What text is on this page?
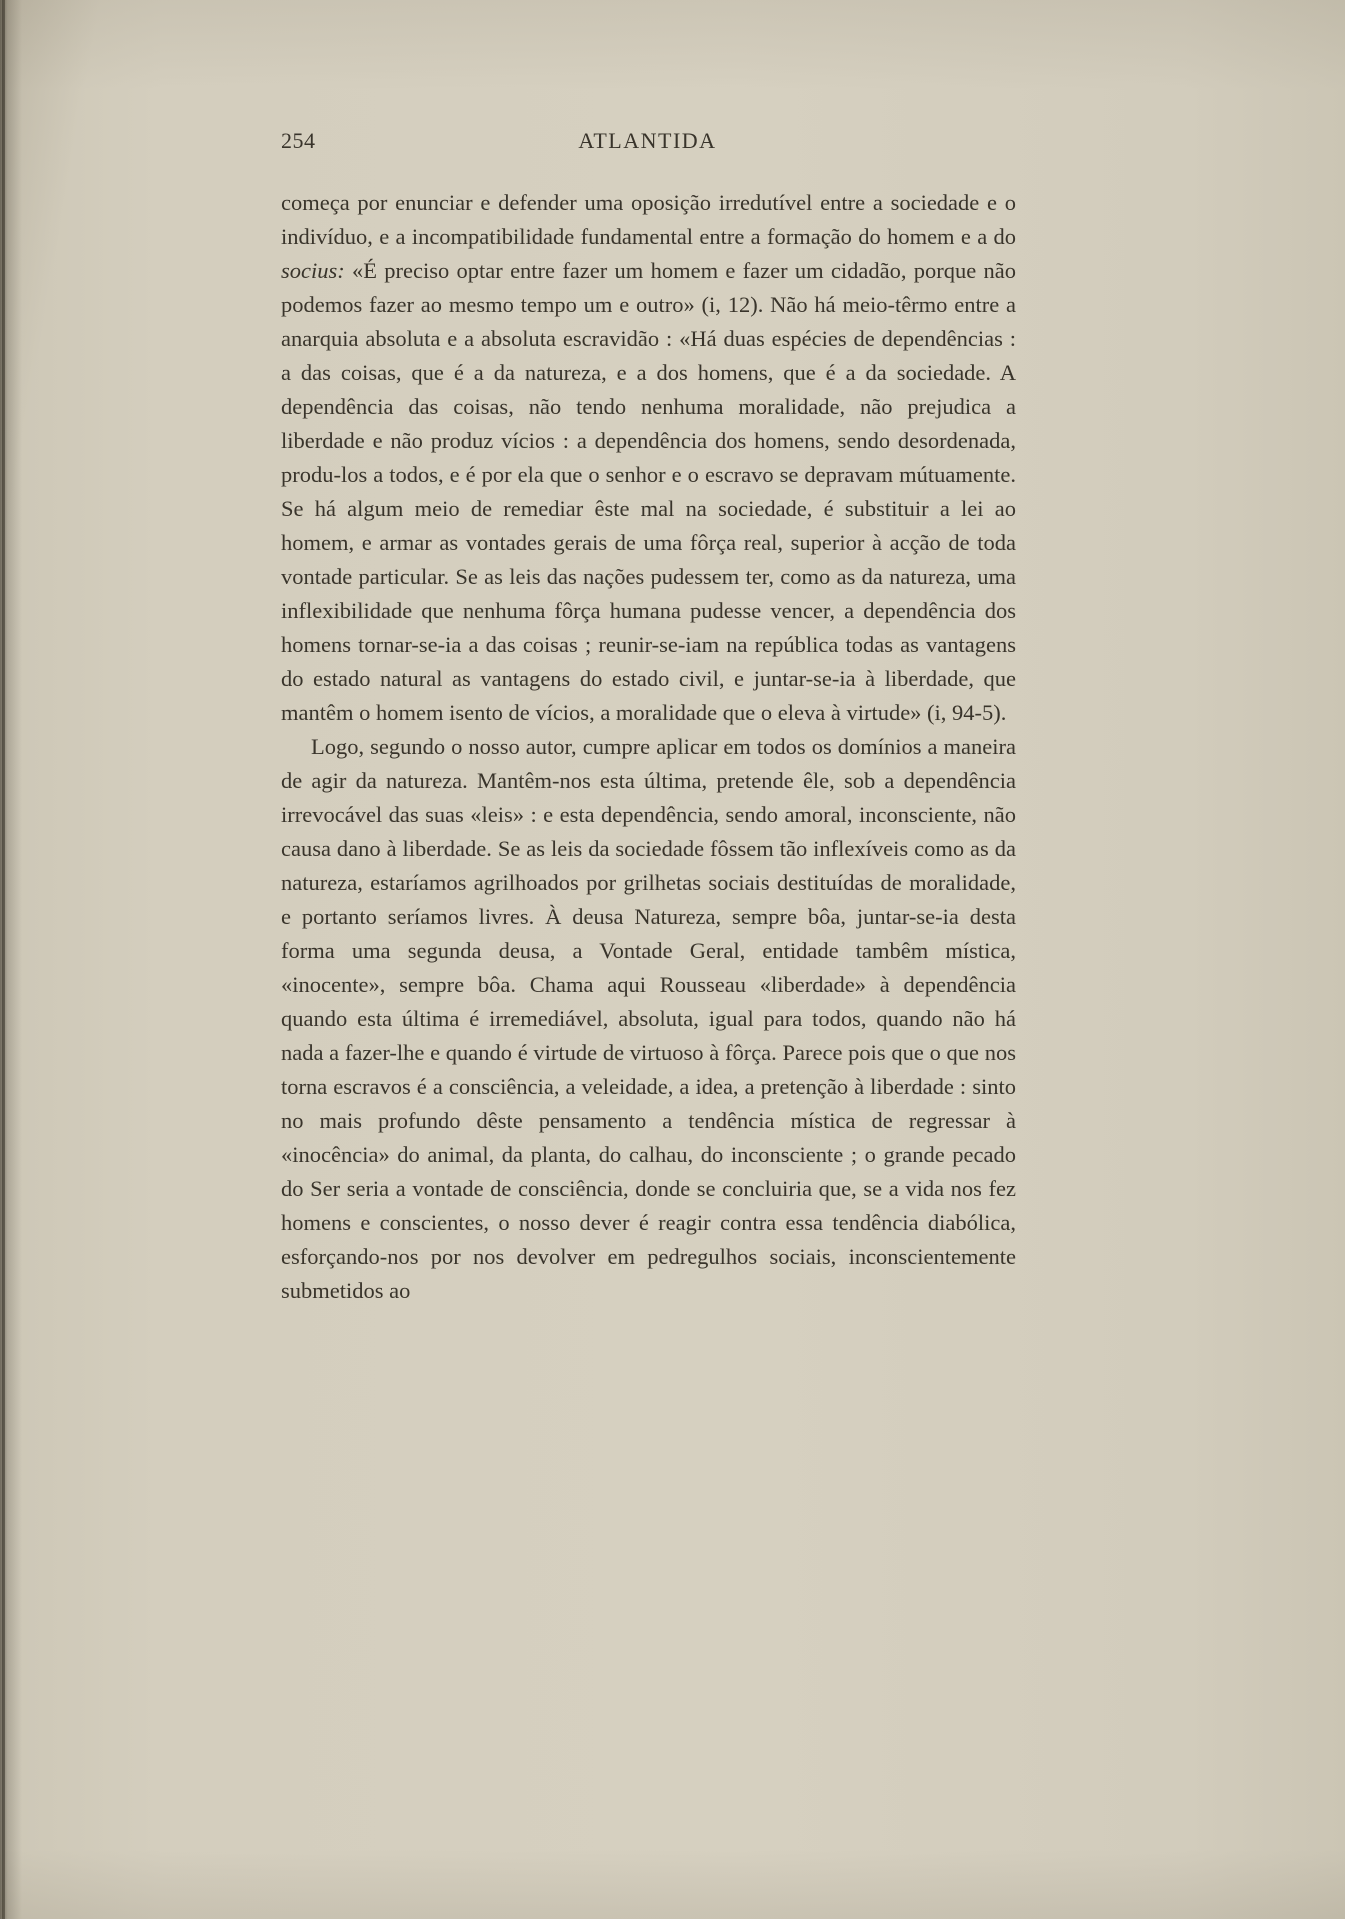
254	ATLANTIDA

começa por enunciar e defender uma oposição irredutível entre a sociedade e o indivíduo, e a incompatibilidade fundamental entre a formação do homem e a do socius: «É preciso optar entre fazer um homem e fazer um cidadão, porque não podemos fazer ao mesmo tempo um e outro» (i, 12). Não há meio-têrmo entre a anarquia absoluta e a absoluta escravidão : «Há duas espécies de dependências : a das coisas, que é a da natureza, e a dos homens, que é a da sociedade. A dependência das coisas, não tendo nenhuma moralidade, não prejudica a liberdade e não produz vícios : a dependência dos homens, sendo desordenada, produ-los a todos, e é por ela que o senhor e o escravo se depravam mútuamente. Se há algum meio de remediar êste mal na sociedade, é substituir a lei ao homem, e armar as vontades gerais de uma fôrça real, superior à acção de toda vontade particular. Se as leis das nações pudessem ter, como as da natureza, uma inflexibilidade que nenhuma fôrça humana pudesse vencer, a dependência dos homens tornar-se-ia a das coisas ; reunir-se-iam na república todas as vantagens do estado natural as vantagens do estado civil, e juntar-se-ia à liberdade, que mantêm o homem isento de vícios, a moralidade que o eleva à virtude» (i, 94-5).

Logo, segundo o nosso autor, cumpre aplicar em todos os domínios a maneira de agir da natureza. Mantêm-nos esta última, pretende êle, sob a dependência irrevocável das suas «leis» : e esta dependência, sendo amoral, inconsciente, não causa dano à liberdade. Se as leis da sociedade fôssem tão inflexíveis como as da natureza, estaríamos agrilhoados por grilhetas sociais destituídas de moralidade, e portanto seríamos livres. À deusa Natureza, sempre bôa, juntar-se-ia desta forma uma segunda deusa, a Vontade Geral, entidade tambêm mística, «inocente», sempre bôa. Chama aqui Rousseau «liberdade» à dependência quando esta última é irremediável, absoluta, igual para todos, quando não há nada a fazer-lhe e quando é virtude de virtuoso à fôrça. Parece pois que o que nos torna escravos é a consciência, a veleidade, a idea, a pretenção à liberdade : sinto no mais profundo dêste pensamento a tendência mística de regressar à «inocência» do animal, da planta, do calhau, do inconsciente ; o grande pecado do Ser seria a vontade de consciência, donde se concluiria que, se a vida nos fez homens e conscientes, o nosso dever é reagir contra essa tendência diabólica, esforçando-nos por nos devolver em pedregulhos sociais, inconscientemente submetidos ao
